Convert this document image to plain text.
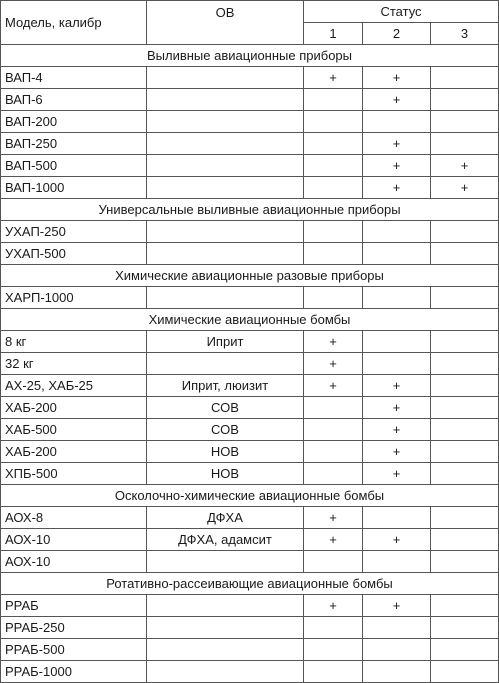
Модель, калибр	ОВ	Статус		
		1	2	3
Выливные авиационные приборы				
ВАП-4		+	+	
ВАП-6			+	
ВАП-200				
ВАП-250			+	
ВАП-500			+	+
ВАП-1000			+	+
Универсальные выливные авиационные приборы				
УХАП-250				
УХАП-500				
Химические авиационные разовые приборы				
ХАРП-1000				
Химические авиационные бомбы				
8 кг	Иприт	+		
32 кг		+		
АХ-25, ХАБ-25	Иприт, люизит	+	+	
ХАБ-200	СОВ		+	
ХАБ-500	СОВ		+	
ХАБ-200	НОВ		+	
ХПБ-500	НОВ		+	
Осколочно-химические авиационные бомбы				
АОХ-8	ДФХА	+		
АОХ-10	ДФХА, адамсит	+	+	
АОХ-10				
Ротативно-рассеивающие авиационные бомбы				
РРАБ		+	+	
РРАБ-250				
РРАБ-500				
РРАБ-1000				
